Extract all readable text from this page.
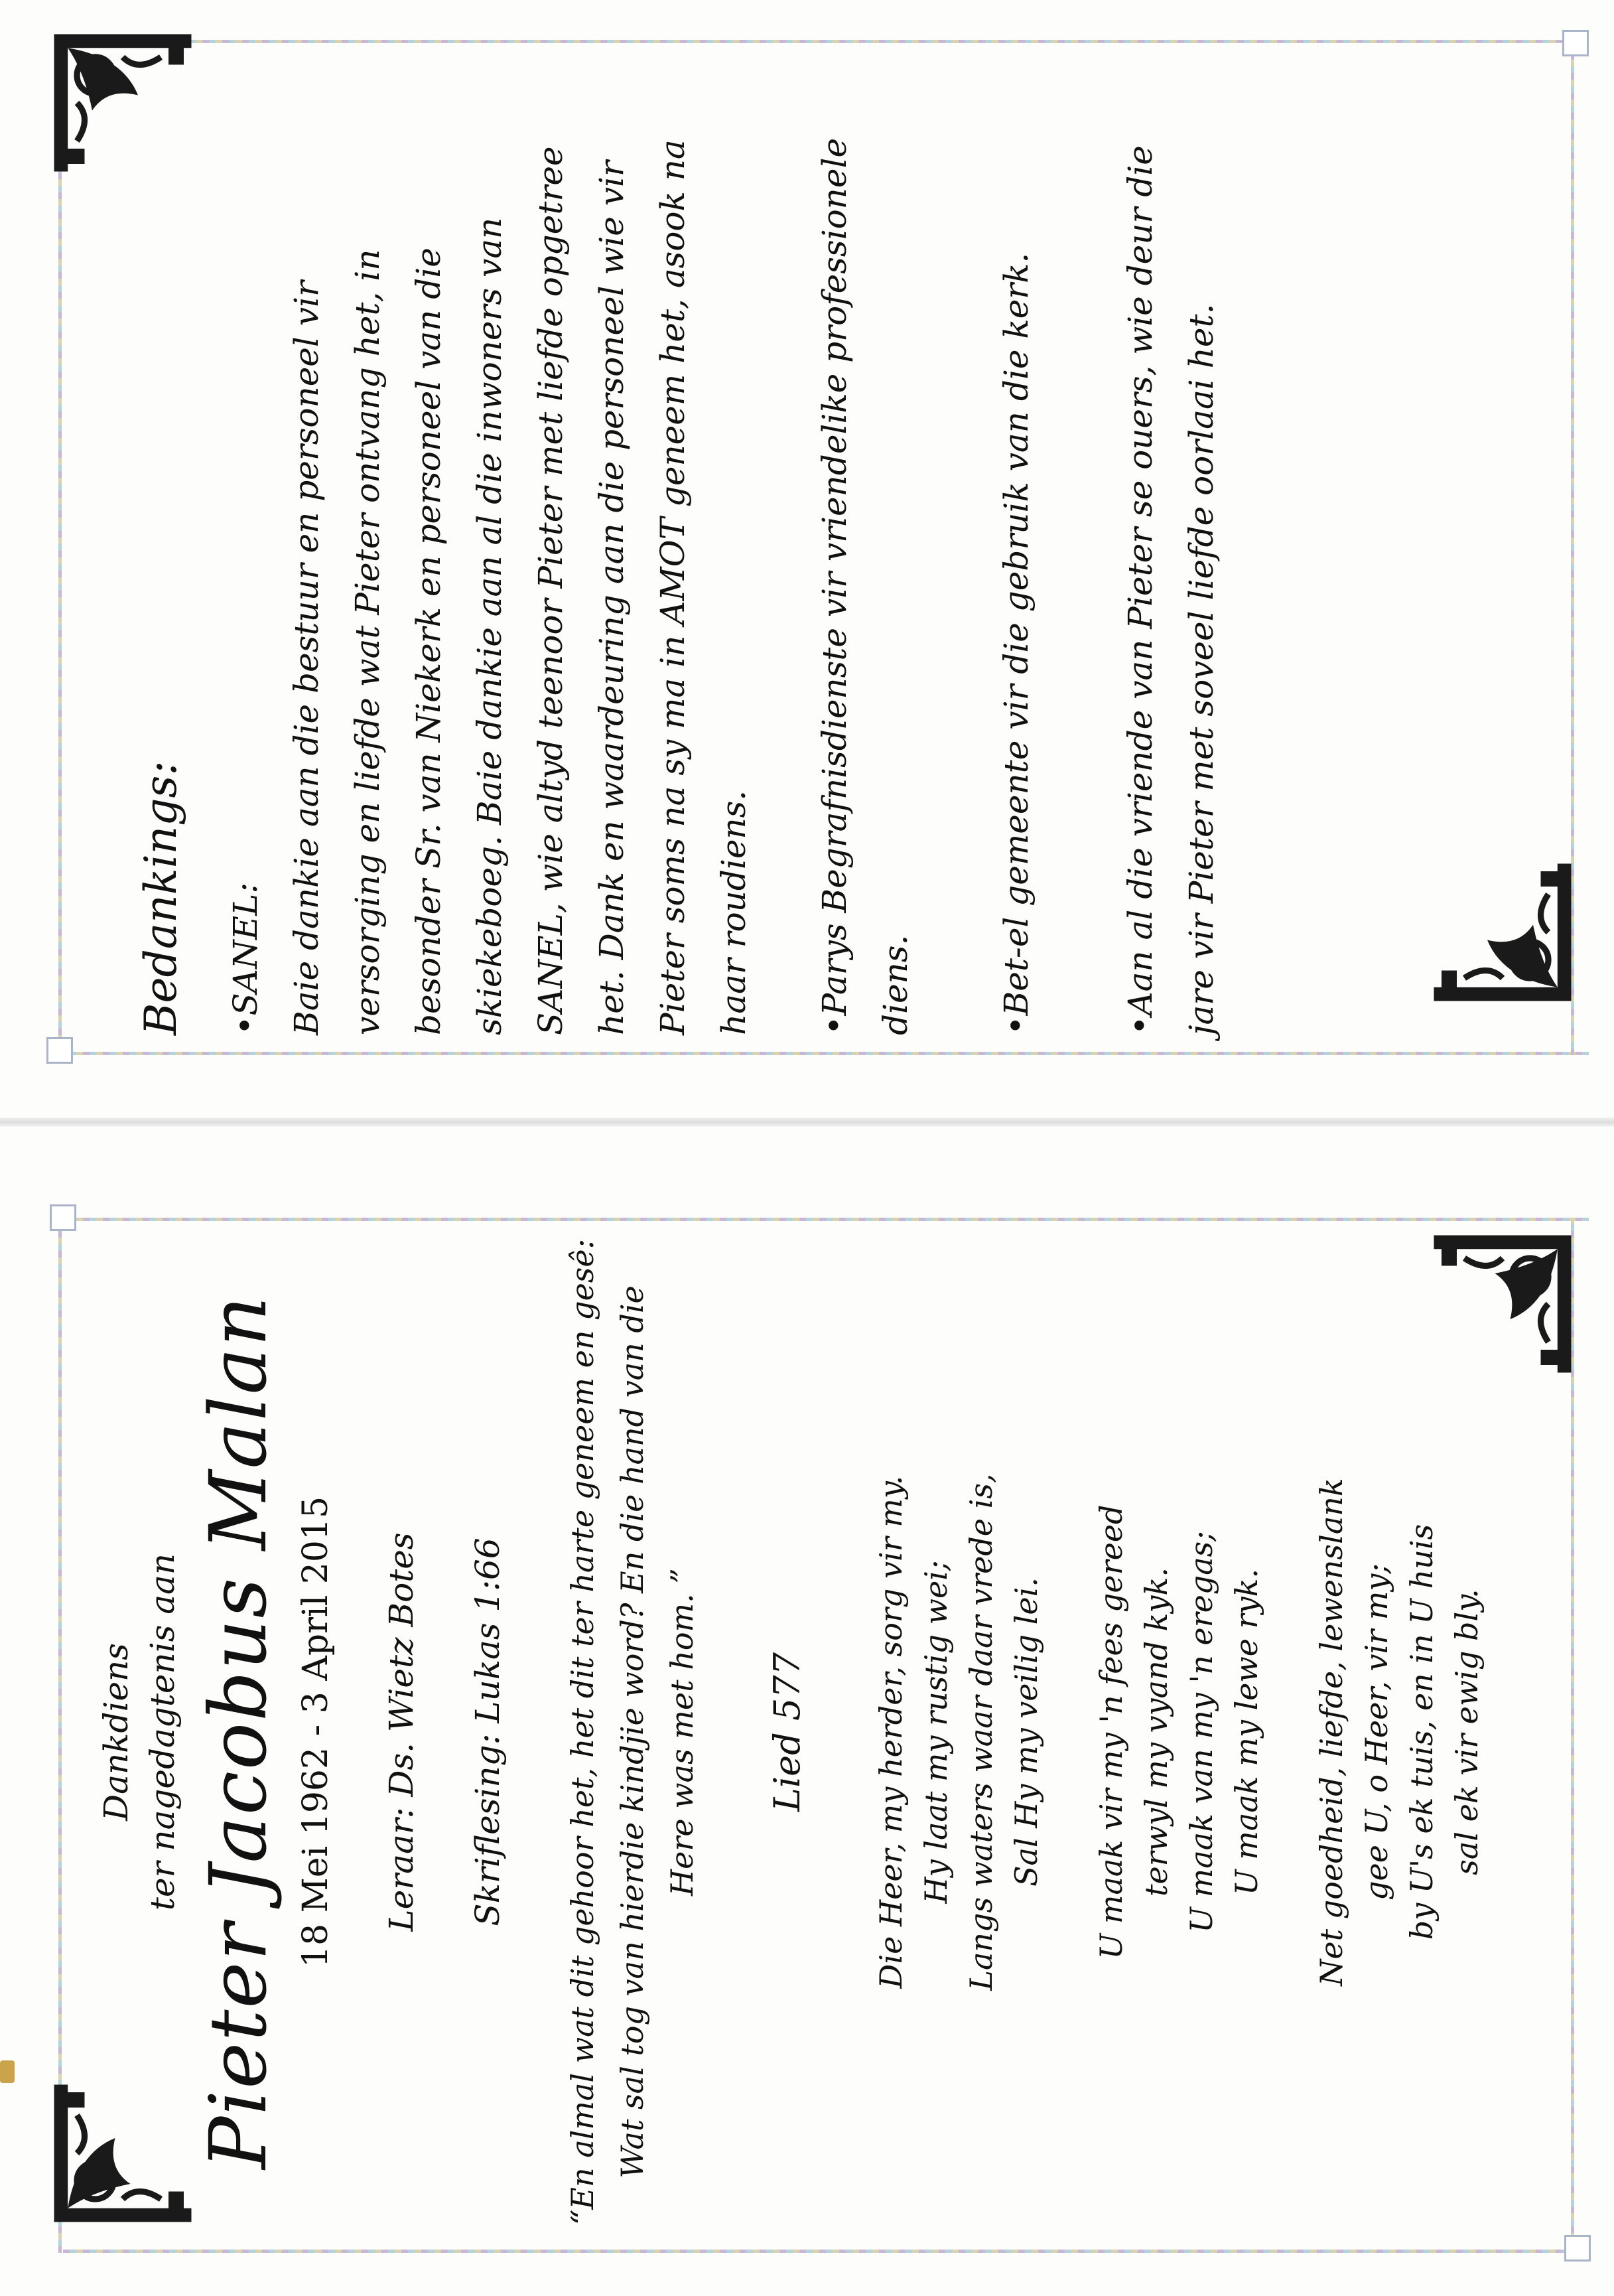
Bedankings:	•SANEL: Baie dankie aan die bestuur en personeel vir versorging en liefde wat Pieter ontvang het, in besonder Sr. van Niekerk en personeel van die skiekeboeg. Baie dankie aan al die inwoners van SANEL, wie altyd teenoor Pieter met liefde opgetree het. Dank en waardeuring aan die personeel wie vir Pieter soms na sy ma in AMOT geneem het, asook na haar roudiens.	•Parys Begrafnisdienste vir vriendelike professionele diens.	•Bet-el gemeente vir die gebruik van die kerk.
•Aan al die vriende van Pieter se ouers, wie deur die jare vir Pieter met soveel liefde oorlaai het.
Dankdiens ter nagedagtenis aan Pieter Jacobus Malan 18 Mei 1962 - 3 April 2015	Leraar: Ds. Wietz Botes	Skriflesing: Lukas 1:66	“En almal wat dit gehoor het, het dit ter harte geneem en gesê: Wat sal tog van hierdie kindjie word? En die hand van die Here was met hom. ”	Lied 577	Die Heer, my herder, sorg vir my. Hy laat my rustig wei; Langs waters waar daar vrede is, Sal Hy my veilig lei.	U maak vir my 'n fees gereed terwyl my vyand kyk. U maak van my 'n eregas; U maak my lewe ryk.	Net goedheid, liefde, lewenslank gee U, o Heer, vir my; by U's ek tuis, en in U huis sal ek vir ewig bly.
